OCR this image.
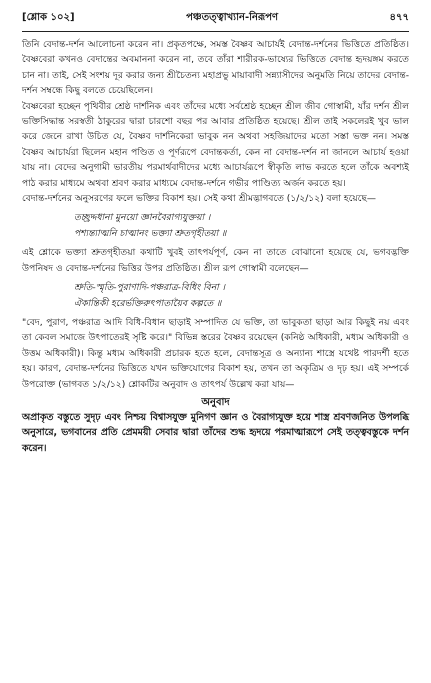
[শ্লোক ১০২]	পঞ্চতত্ত্বাখ্যান-নিরূপণ	৪৭৭

তিনি বেদান্ত-দর্শন আলোচনা করেন না। প্রকৃতপক্ষে, সমস্ত বৈষ্ণব আচার্যই বেদান্ত-দর্শনের ভিত্তিতে প্রতিষ্ঠিত। বৈষ্ণবেরা কখনও বেদান্তের অবমাননা করেন না, তবে তাঁরা শারীরক-ভাষ্যের ভিত্তিতে বেদান্ত হৃদয়ঙ্গম করতে চান না। তাই, সেই সংশয় দূর করার জন্য শ্রীচৈতন্য মহাপ্রভু মায়াবাদী সন্ন্যাসীদের অনুমতি নিয়ে তাদের বেদান্ত-দর্শন সম্বন্ধে কিছু বলতে চেয়েছিলেন।

বৈষ্ণবেরা হচ্ছেন পৃথিবীর শ্রেষ্ঠ দার্শনিক এবং তাঁদের মধ্যে সর্বশ্রেষ্ঠ হচ্ছেন শ্রীল জীব গোস্বামী, যাঁর দর্শন শ্রীল ভক্তিসিদ্ধান্ত সরস্বতী ঠাকুরের দ্বারা চারশো বছর পর আবার প্রতিষ্ঠিত হয়েছে। শ্রীল তাই সকলেরই খুব ভাল করে জেনে রাখা উচিত যে, বৈষ্ণব দার্শনিকেরা ভাবুক নন অথবা সহজিয়াদের মতো সস্তা ভক্ত নন। সমস্ত বৈষ্ণব আচার্যরা ছিলেন মহান পণ্ডিত ও পূর্ণরূপে বেদান্তকর্তা, কেন না বেদান্ত-দর্শন না জানলে আচার্য হওয়া যায় না। বেদের অনুগামী ভারতীয় পরমার্থবাদীদের মধ্যে আচার্যরূপে স্বীকৃতি লাভ করতে হলে তাঁকে অবশ্যই পাঠ করার মাধ্যমে অথবা শ্রবণ করার মাধ্যমে বেদান্ত-দর্শনে গভীর পাণ্ডিত্য অর্জন করতে হয়।

বেদান্ত-দর্শনের অনুসরণের ফলে ভক্তির বিকাশ হয়। সেই কথা শ্রীমদ্ভাগবতে (১/২/১২) বলা হয়েছে—

তচ্ছ্রদ্দধানা মুনয়ো জ্ঞানবৈরাগ্যযুক্তয়া ।
পশ্যন্ত্যাত্মনি চাত্মানং ভক্ত্যা শ্রুতগৃহীতয়া ॥

এই শ্লোকে ভক্ত্যা শ্রুতগৃহীতয়া কথাটি খুবই তাৎপর্যপূর্ণ, কেন না তাতে বোঝানো হয়েছে যে, ভগবদ্ভক্তি উপনিষদ ও বেদান্ত-দর্শনের ভিত্তির উপর প্রতিষ্ঠিত। শ্রীল রূপ গোস্বামী বলেছেন—

শ্রুতি-স্মৃতি-পুরাণাদি-পঞ্চরাত্র-বিধিং বিনা ।
ঐকান্তিকী হরের্ভক্তিরুৎপাতায়ৈব কল্পতে ॥

"বেদ, পুরাণ, পঞ্চরাত্র আদি বিধি-বিধান ছাড়াই সম্পাদিত যে ভক্তি, তা ভাবুকতা ছাড়া আর কিছুই নয় এবং তা কেবল সমাজে উৎপাতেরই সৃষ্টি করে।" বিভিন্ন স্তরের বৈষ্ণব রয়েছেন (কনিষ্ঠ অধিকারী, মধ্যম অধিকারী ও উত্তম অধিকারী)। কিন্তু মধ্যম অধিকারী প্রচারক হতে হলে, বেদান্তসূত্র ও অন্যান্য শাস্ত্রে যথেষ্ট পারদর্শী হতে হয়। কারণ, বেদান্ত-দর্শনের ভিত্তিতে যখন ভক্তিযোগের বিকাশ হয়, তখন তা অকৃত্রিম ও দৃঢ় হয়। এই সম্পর্কে উপরোক্ত (ভাগবত ১/২/১২) শ্লোকটির অনুবাদ ও তাৎপর্য উল্লেখ করা যায়—

অনুবাদ

অপ্রাকৃত বস্তুতে সুদৃঢ় এবং নিশ্চয় বিশ্বাসযুক্ত মুনিগণ জ্ঞান ও বৈরাগ্যযুক্ত হয়ে শাস্ত্র শ্রবণজনিত উপলব্ধি অনুসারে, ভগবানের প্রতি প্রেমময়ী সেবার দ্বারা তাঁদের শুদ্ধ হৃদয়ে পরমাত্মারূপে সেই তত্ত্ববস্তুকে দর্শন করেন।
